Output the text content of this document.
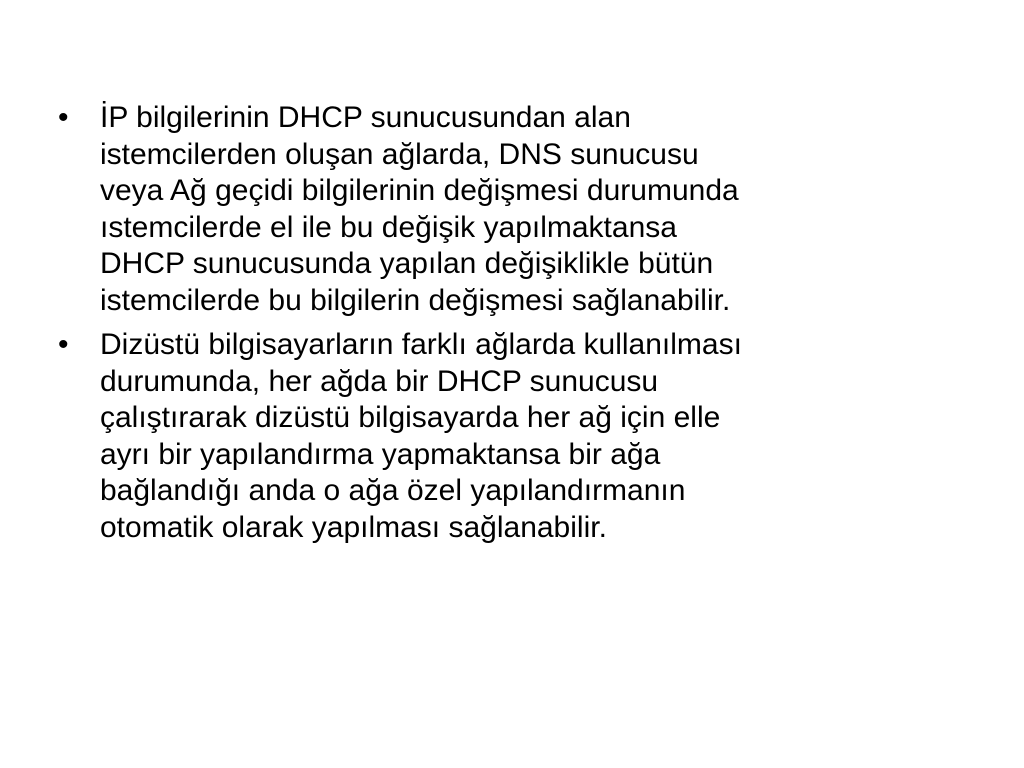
•	İP bilgilerinin DHCP sunucusundan alan
istemcilerden oluşan ağlarda, DNS sunucusu
veya Ağ geçidi bilgilerinin değişmesi durumunda
ıstemcilerde el ile bu değişik yapılmaktansa
DHCP sunucusunda yapılan değişiklikle bütün
istemcilerde bu bilgilerin değişmesi sağlanabilir.
•	Dizüstü bilgisayarların farklı ağlarda kullanılması
durumunda, her ağda bir DHCP sunucusu
çalıştırarak dizüstü bilgisayarda her ağ için elle
ayrı bir yapılandırma yapmaktansa bir ağa
bağlandığı anda o ağa özel yapılandırmanın
otomatik olarak yapılması sağlanabilir.
